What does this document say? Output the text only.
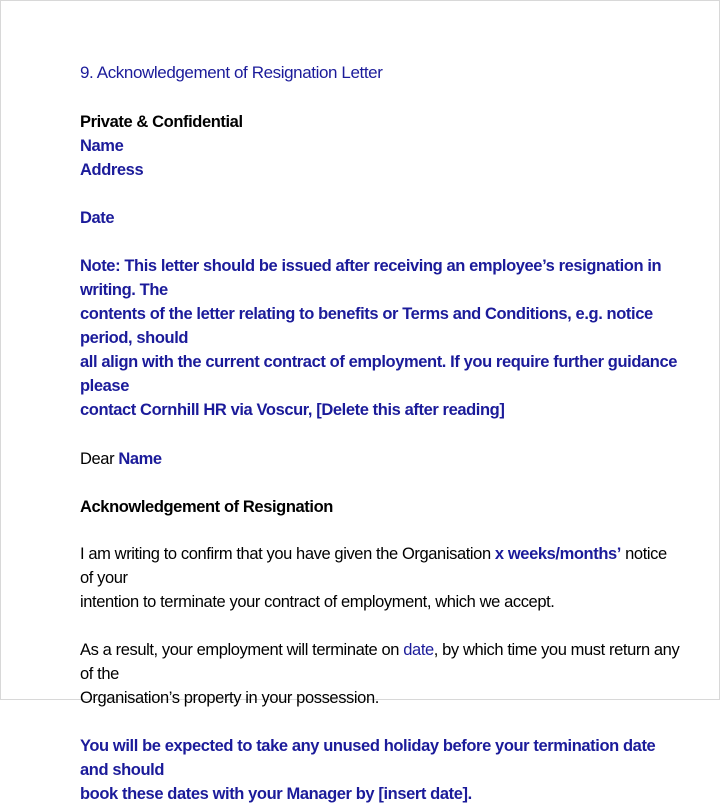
9. Acknowledgement of Resignation Letter

Private & Confidential

Name

Address

Date

Note: This letter should be issued after receiving an employee’s resignation in writing. The

contents of the letter relating to benefits or Terms and Conditions, e.g. notice period, should

all align with the current contract of employment. If you require further guidance please

contact Cornhill HR via Voscur, [Delete this after reading]

Dear Name

Acknowledgement of Resignation

I am writing to confirm that you have given the Organisation x weeks/months’ notice of your

intention to terminate your contract of employment, which we accept.

As a result, your employment will terminate on date, by which time you must return any of the

Organisation’s property in your possession.

You will be expected to take any unused holiday before your termination date and should

book these dates with your Manager by [insert date].
